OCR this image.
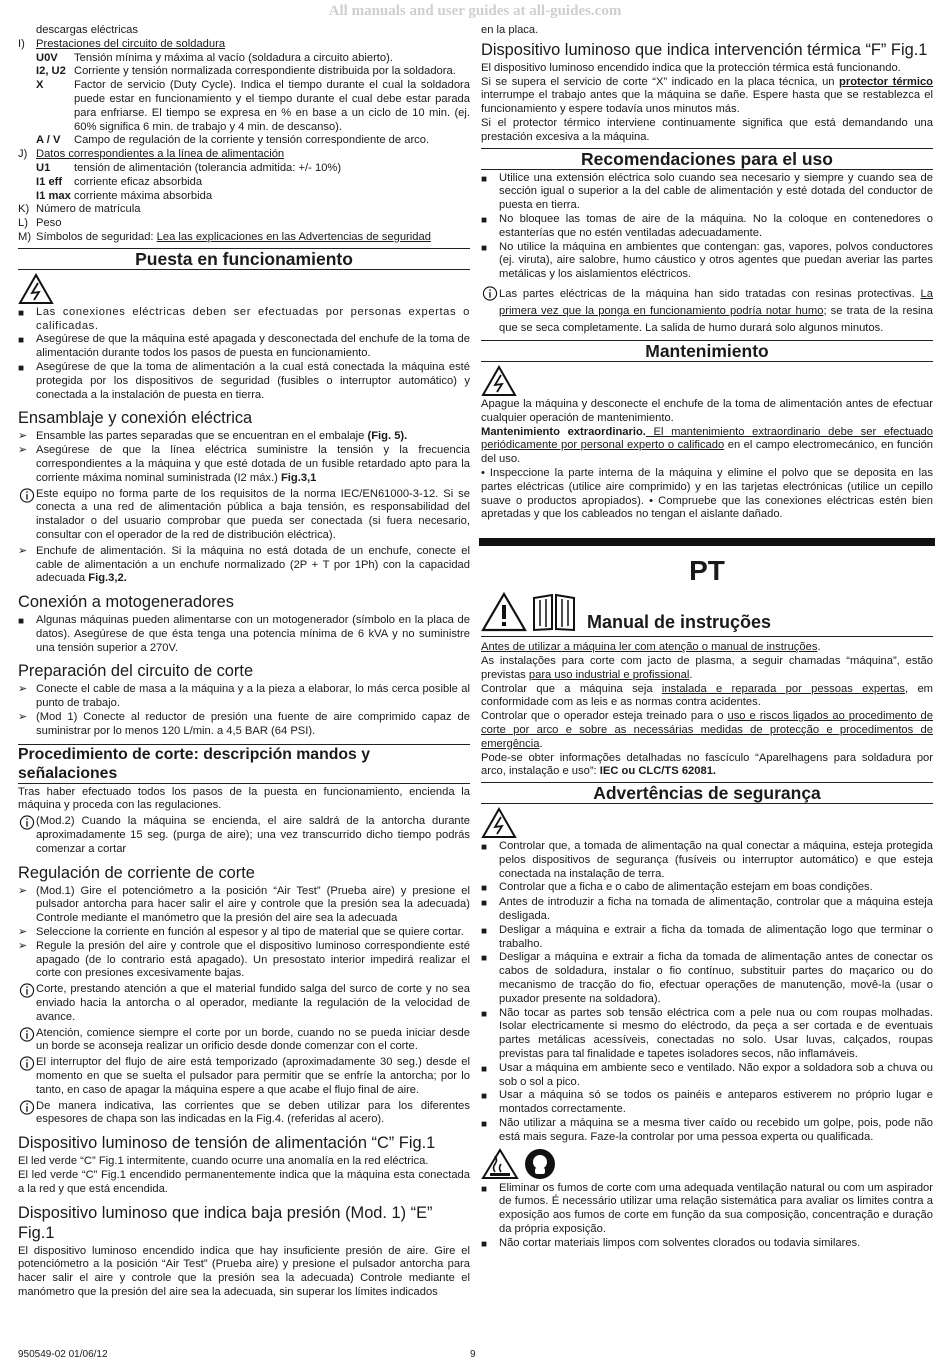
All manuals and user guides at all-guides.com

descargas eléctricas

I) Prestaciones del circuito de soldadura
U0V	Tensión mínima y máxima al vacío (soldadura a circuito abierto).

I2, U2 Corriente y tensión normalizada correspondiente distribuida por la soldadora.

X	Factor de servicio (Duty Cycle). Indica el tiempo durante el cual la soldadora puede estar en funcionamiento y el tiempo durante el cual debe estar parada para enfriarse. El tiempo se expresa en % en base a un ciclo de 10 min. (ej. 60% significa 6 min. de trabajo y 4 min. de descanso).

A / V	Campo de regulación de la corriente y tensión correspondiente de arco.

J) Datos correspondientes a la línea de alimentación
U1	tensión de alimentación (tolerancia admitida: +/- 10%)

I1 eff	corriente eficaz absorbida

I1 max corriente máxima absorbida

K) Número de matrícula
L) Peso
M) Símbolos de seguridad: Lea las explicaciones en las Advertencias de seguridad
Puesta en funcionamiento
■	Las conexiones eléctricas deben ser efectuadas por personas expertas o calificadas.

■	Asegúrese de que la máquina esté apagada y desconectada del enchufe de la toma de alimentación durante todos los pasos de puesta en funcionamiento.

■	Asegúrese de que la toma de alimentación a la cual está conectada la máquina esté protegida por los dispositivos de seguridad (fusibles o interruptor automático) y conectada a la instalación de puesta en tierra.

Ensamblaje y conexión eléctrica
➢ Ensamble las partes separadas que se encuentran en el embalaje (Fig. 5).

➢ Asegúrese de que la línea eléctrica suministre la tensión y la frecuencia correspondientes a la máquina y que esté dotada de un fusible retardado apto para la corriente máxima nominal suministrada (I2 máx.) Fig.3,1

Este equipo no forma parte de los requisitos de la norma IEC/EN61000-3-12. Si se conecta a una red de alimentación pública a baja tensión, es responsabilidad del instalador o del usuario comprobar que pueda ser conectada (si fuera necesario, consultar con el operador de la red de distribución eléctrica).

➢ Enchufe de alimentación. Si la máquina no está dotada de un enchufe, conecte el cable de alimentación a un enchufe normalizado (2P + T por 1Ph) con la capacidad adecuada Fig.3,2.

Conexión a motogeneradores
■	Algunas máquinas pueden alimentarse con un motogenerador (símbolo en la placa de datos). Asegúrese de que ésta tenga una potencia mínima de 6 kVA y no suministre una tensión superior a 270V.

Preparación del circuito de corte
➢ Conecte el cable de masa a la máquina y a la pieza a elaborar, lo más cerca posible al punto de trabajo.

➢ (Mod 1) Conecte al reductor de presión una fuente de aire comprimido capaz de suministrar por lo menos 120 L/min. a 4,5 BAR (64 PSI).

Procedimiento de corte: descripción mandos y señalaciones

Tras haber efectuado todos los pasos de la puesta en funcionamiento, encienda la máquina y proceda con las regulaciones.

(Mod.2) Cuando la máquina se encienda, el aire saldrá de la antorcha durante aproximadamente 15 seg. (purga de aire); una vez transcurrido dicho tiempo podrás comenzar a cortar

Regulación de corriente de corte
➢ (Mod.1) Gire el potenciómetro a la posición “Air Test” (Prueba aire) y presione el pulsador antorcha para hacer salir el aire y controle que la presión sea la adecuada) Controle mediante el manómetro que la presión del aire sea la adecuada

➢ Seleccione la corriente en función al espesor y al tipo de material que se quiere cortar.

➢ Regule la presión del aire y controle que el dispositivo luminoso correspondiente esté apagado (de lo contrario está apagado). Un presostato interior impedirá realizar el corte con presiones excesivamente bajas.

Corte, prestando atención a que el material fundido salga del surco de corte y no sea enviado hacia la antorcha o al operador, mediante la regulación de la velocidad de avance.

Atención, comience siempre el corte por un borde, cuando no se pueda iniciar desde un borde se aconseja realizar un orificio desde donde comenzar con el corte.

El interruptor del flujo de aire está temporizado (aproximadamente 30 seg.) desde el momento en que se suelta el pulsador para permitir que se enfríe la antorcha; por lo tanto, en caso de apagar la máquina espere a que acabe el flujo final de aire.

De manera indicativa, las corrientes que se deben utilizar para los diferentes espesores de chapa son las indicadas en la Fig.4. (referidas al acero).

Dispositivo luminoso de tensión de alimentación “C” Fig.1

El led verde “C” Fig.1 intermitente, cuando ocurre una anomalía en la red eléctrica.

El led verde “C” Fig.1 encendido permanentemente indica que la máquina esta conectada a la red y que está encendida.

Dispositivo luminoso que indica baja presión (Mod. 1) “E” Fig.1

El dispositivo luminoso encendido indica que hay insuficiente presión de aire. Gire el potenciómetro a la posición “Air Test” (Prueba aire) y presione el pulsador antorcha para hacer salir el aire y controle que la presión sea la adecuada) Controle mediante el manómetro que la presión del aire sea la adecuada, sin superar los límites indicados

en la placa.

Dispositivo luminoso que indica intervención térmica “F” Fig.1

El dispositivo luminoso encendido indica que la protección térmica está funcionando.

Si se supera el servicio de corte “X” indicado en la placa técnica, un protector térmico interrumpe el trabajo antes que la máquina se dañe. Espere hasta que se restablezca el funcionamiento y espere todavía unos minutos más.

Si el protector térmico interviene continuamente significa que está demandando una prestación excesiva a la máquina.

Recomendaciones para el uso
■	Utilice una extensión eléctrica solo cuando sea necesario y siempre y cuando sea de sección igual o superior a la del cable de alimentación y esté dotada del conductor de puesta en tierra.

■	No bloquee las tomas de aire de la máquina. No la coloque en contenedores o estanterías que no estén ventiladas adecuadamente.

■	No utilice la máquina en ambientes que contengan: gas, vapores, polvos conductores (ej. viruta), aire salobre, humo cáustico y otros agentes que puedan averiar las partes metálicas y los aislamientos eléctricos.

Las partes eléctricas de la máquina han sido tratadas con resinas protectivas. La primera vez que la ponga en funcionamiento podría notar humo; se trata de la resina que se seca completamente. La salida de humo durará solo algunos minutos.

Mantenimiento

Apague la máquina y desconecte el enchufe de la toma de alimentación antes de efectuar cualquier operación de mantenimiento.

Mantenimiento extraordinario. El mantenimiento extraordinario debe ser efectuado periódicamente por personal experto o calificado en el campo electromecánico, en función del uso.

• Inspeccione la parte interna de la máquina y elimine el polvo que se deposita en las partes eléctricas (utilice aire comprimido) y en las tarjetas electrónicas (utilice un cepillo suave o productos apropiados). • Compruebe que las conexiones eléctricas estén bien apretadas y que los cableados no tengan el aislante dañado.

PT
Manual de instruções

Antes de utilizar a máquina ler com atenção o manual de instruções.

As instalações para corte com jacto de plasma, a seguir chamadas “máquina”, estão previstas para uso industrial e profissional.

Controlar que a máquina seja instalada e reparada por pessoas expertas, em conformidade com as leis e as normas contra acidentes.

Controlar que o operador esteja treinado para o uso e riscos ligados ao procedimento de corte por arco e sobre as necessárias medidas de protecção e procedimentos de emergência.

Pode-se obter informações detalhadas no fascículo “Aparelhagens para soldadura por arco, instalação e uso”: IEC ou CLC/TS 62081.

Advertências de segurança
■	Controlar que, a tomada de alimentação na qual conectar a máquina, esteja protegida pelos dispositivos de segurança (fusíveis ou interruptor automático) e que esteja conectada na instalação de terra.

■	Controlar que a ficha e o cabo de alimentação estejam em boas condições.

■	Antes de introduzir a ficha na tomada de alimentação, controlar que a máquina esteja desligada.

■	Desligar a máquina e extrair a ficha da tomada de alimentação logo que terminar o trabalho.

■	Desligar a máquina e extrair a ficha da tomada de alimentação antes de conectar os cabos de soldadura, instalar o fio contínuo, substituir partes do maçarico ou do mecanismo de tracção do fio, efectuar operações de manutenção, movê-la (usar o puxador presente na soldadora).

■	Não tocar as partes sob tensão eléctrica com a pele nua ou com roupas molhadas. Isolar electricamente si mesmo do eléctrodo, da peça a ser cortada e de eventuais partes metálicas acessíveis, conectadas no solo. Usar luvas, calçados, roupas previstas para tal finalidade e tapetes isoladores secos, não inflamáveis.

■	Usar a máquina em ambiente seco e ventilado. Não expor a soldadora sob a chuva ou sob o sol a pico.

■	Usar a máquina só se todos os painéis e anteparos estiverem no próprio lugar e montados correctamente.

■	Não utilizar a máquina se a mesma tiver caído ou recebido um golpe, pois, pode não está mais segura. Faze-la controlar por uma pessoa experta ou qualificada.

■	Eliminar os fumos de corte com uma adequada ventilação natural ou com um aspirador de fumos. É necessário utilizar uma relação sistemática para avaliar os limites contra a exposição aos fumos de corte em função da sua composição, concentração e duração da própria exposição.

■	Não cortar materiais limpos com solventes clorados ou todavia similares.

950549-02 01/06/12	9
